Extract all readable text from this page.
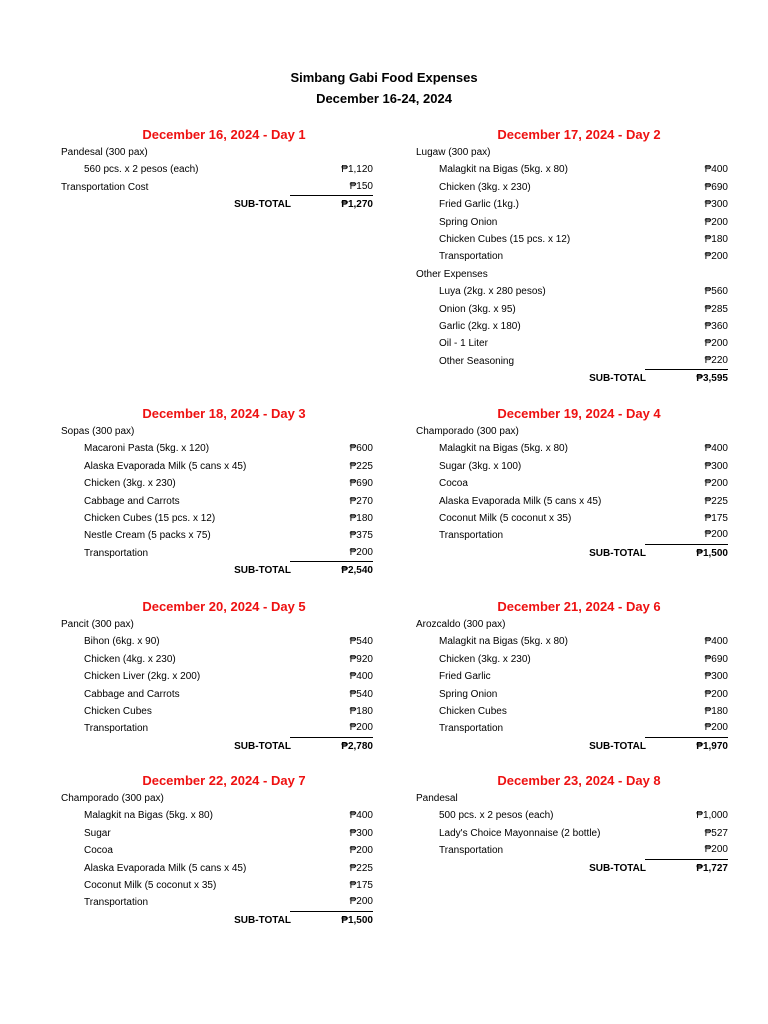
Simbang Gabi Food Expenses
December 16-24, 2024
December 16, 2024 - Day 1
Pandesal (300 pax)
560 pcs. x 2 pesos (each)	₱1,120
Transportation Cost	₱150
SUB-TOTAL	₱1,270
December 17, 2024 - Day 2
Lugaw (300 pax)
Malagkit na Bigas (5kg. x 80)	₱400
Chicken (3kg. x 230)	₱690
Fried Garlic (1kg.)	₱300
Spring Onion	₱200
Chicken Cubes (15 pcs. x 12)	₱180
Transportation	₱200
Other Expenses
Luya (2kg. x 280 pesos)	₱560
Onion (3kg. x 95)	₱285
Garlic (2kg. x 180)	₱360
Oil - 1 Liter	₱200
Other Seasoning	₱220
SUB-TOTAL	₱3,595
December 18, 2024 - Day 3
Sopas (300 pax)
Macaroni Pasta (5kg. x 120)	₱600
Alaska Evaporada Milk (5 cans x 45)	₱225
Chicken (3kg. x 230)	₱690
Cabbage and Carrots	₱270
Chicken Cubes (15 pcs. x 12)	₱180
Nestle Cream (5 packs x 75)	₱375
Transportation	₱200
SUB-TOTAL	₱2,540
December 19, 2024 - Day 4
Champorado (300 pax)
Malagkit na Bigas (5kg. x 80)	₱400
Sugar (3kg. x 100)	₱300
Cocoa	₱200
Alaska Evaporada Milk (5 cans x 45)	₱225
Coconut Milk (5 coconut x 35)	₱175
Transportation	₱200
SUB-TOTAL	₱1,500
December 20, 2024 - Day 5
Pancit (300 pax)
Bihon (6kg. x 90)	₱540
Chicken (4kg. x 230)	₱920
Chicken Liver (2kg. x 200)	₱400
Cabbage and Carrots	₱540
Chicken Cubes	₱180
Transportation	₱200
SUB-TOTAL	₱2,780
December 21, 2024 - Day 6
Arozcaldo (300 pax)
Malagkit na Bigas (5kg. x 80)	₱400
Chicken (3kg. x 230)	₱690
Fried Garlic	₱300
Spring Onion	₱200
Chicken Cubes	₱180
Transportation	₱200
SUB-TOTAL	₱1,970
December 22, 2024 - Day 7
Champorado (300 pax)
Malagkit na Bigas (5kg. x 80)	₱400
Sugar	₱300
Cocoa	₱200
Alaska Evaporada Milk (5 cans x 45)	₱225
Coconut Milk (5 coconut x 35)	₱175
Transportation	₱200
SUB-TOTAL	₱1,500
December 23, 2024 - Day 8
Pandesal
500 pcs. x 2 pesos (each)	₱1,000
Lady's Choice Mayonnaise (2 bottle)	₱527
Transportation	₱200
SUB-TOTAL	₱1,727
